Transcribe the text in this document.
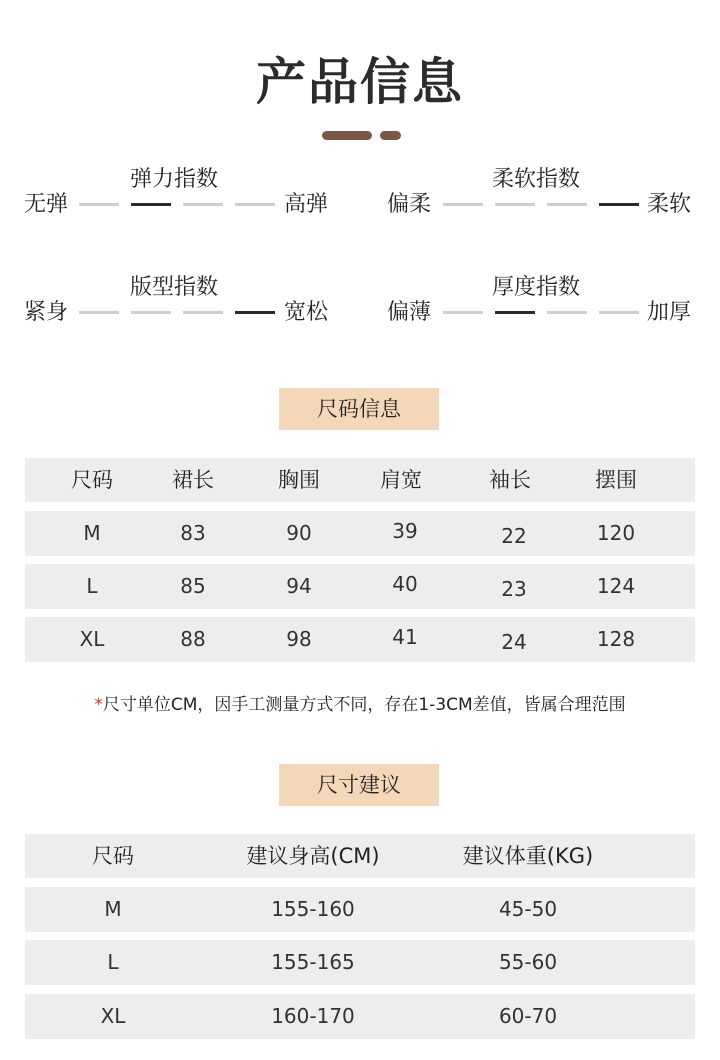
产品信息
弹力指数
无弹	高弹
柔软指数
偏柔	柔软
版型指数
紧身	宽松
厚度指数
偏薄	加厚
尺码信息
尺码	裙长	胸围	肩宽	袖长	摆围
M	83	90	39	22	120
L	85	94	40	23	124
XL	88	98	41	24	128
*尺寸单位CM，因手工测量方式不同，存在1-3CM差值，皆属合理范围
尺寸建议
尺码	建议身高(CM)	建议体重(KG)
M	155-160	45-50
L	155-165	55-60
XL	160-170	60-70
